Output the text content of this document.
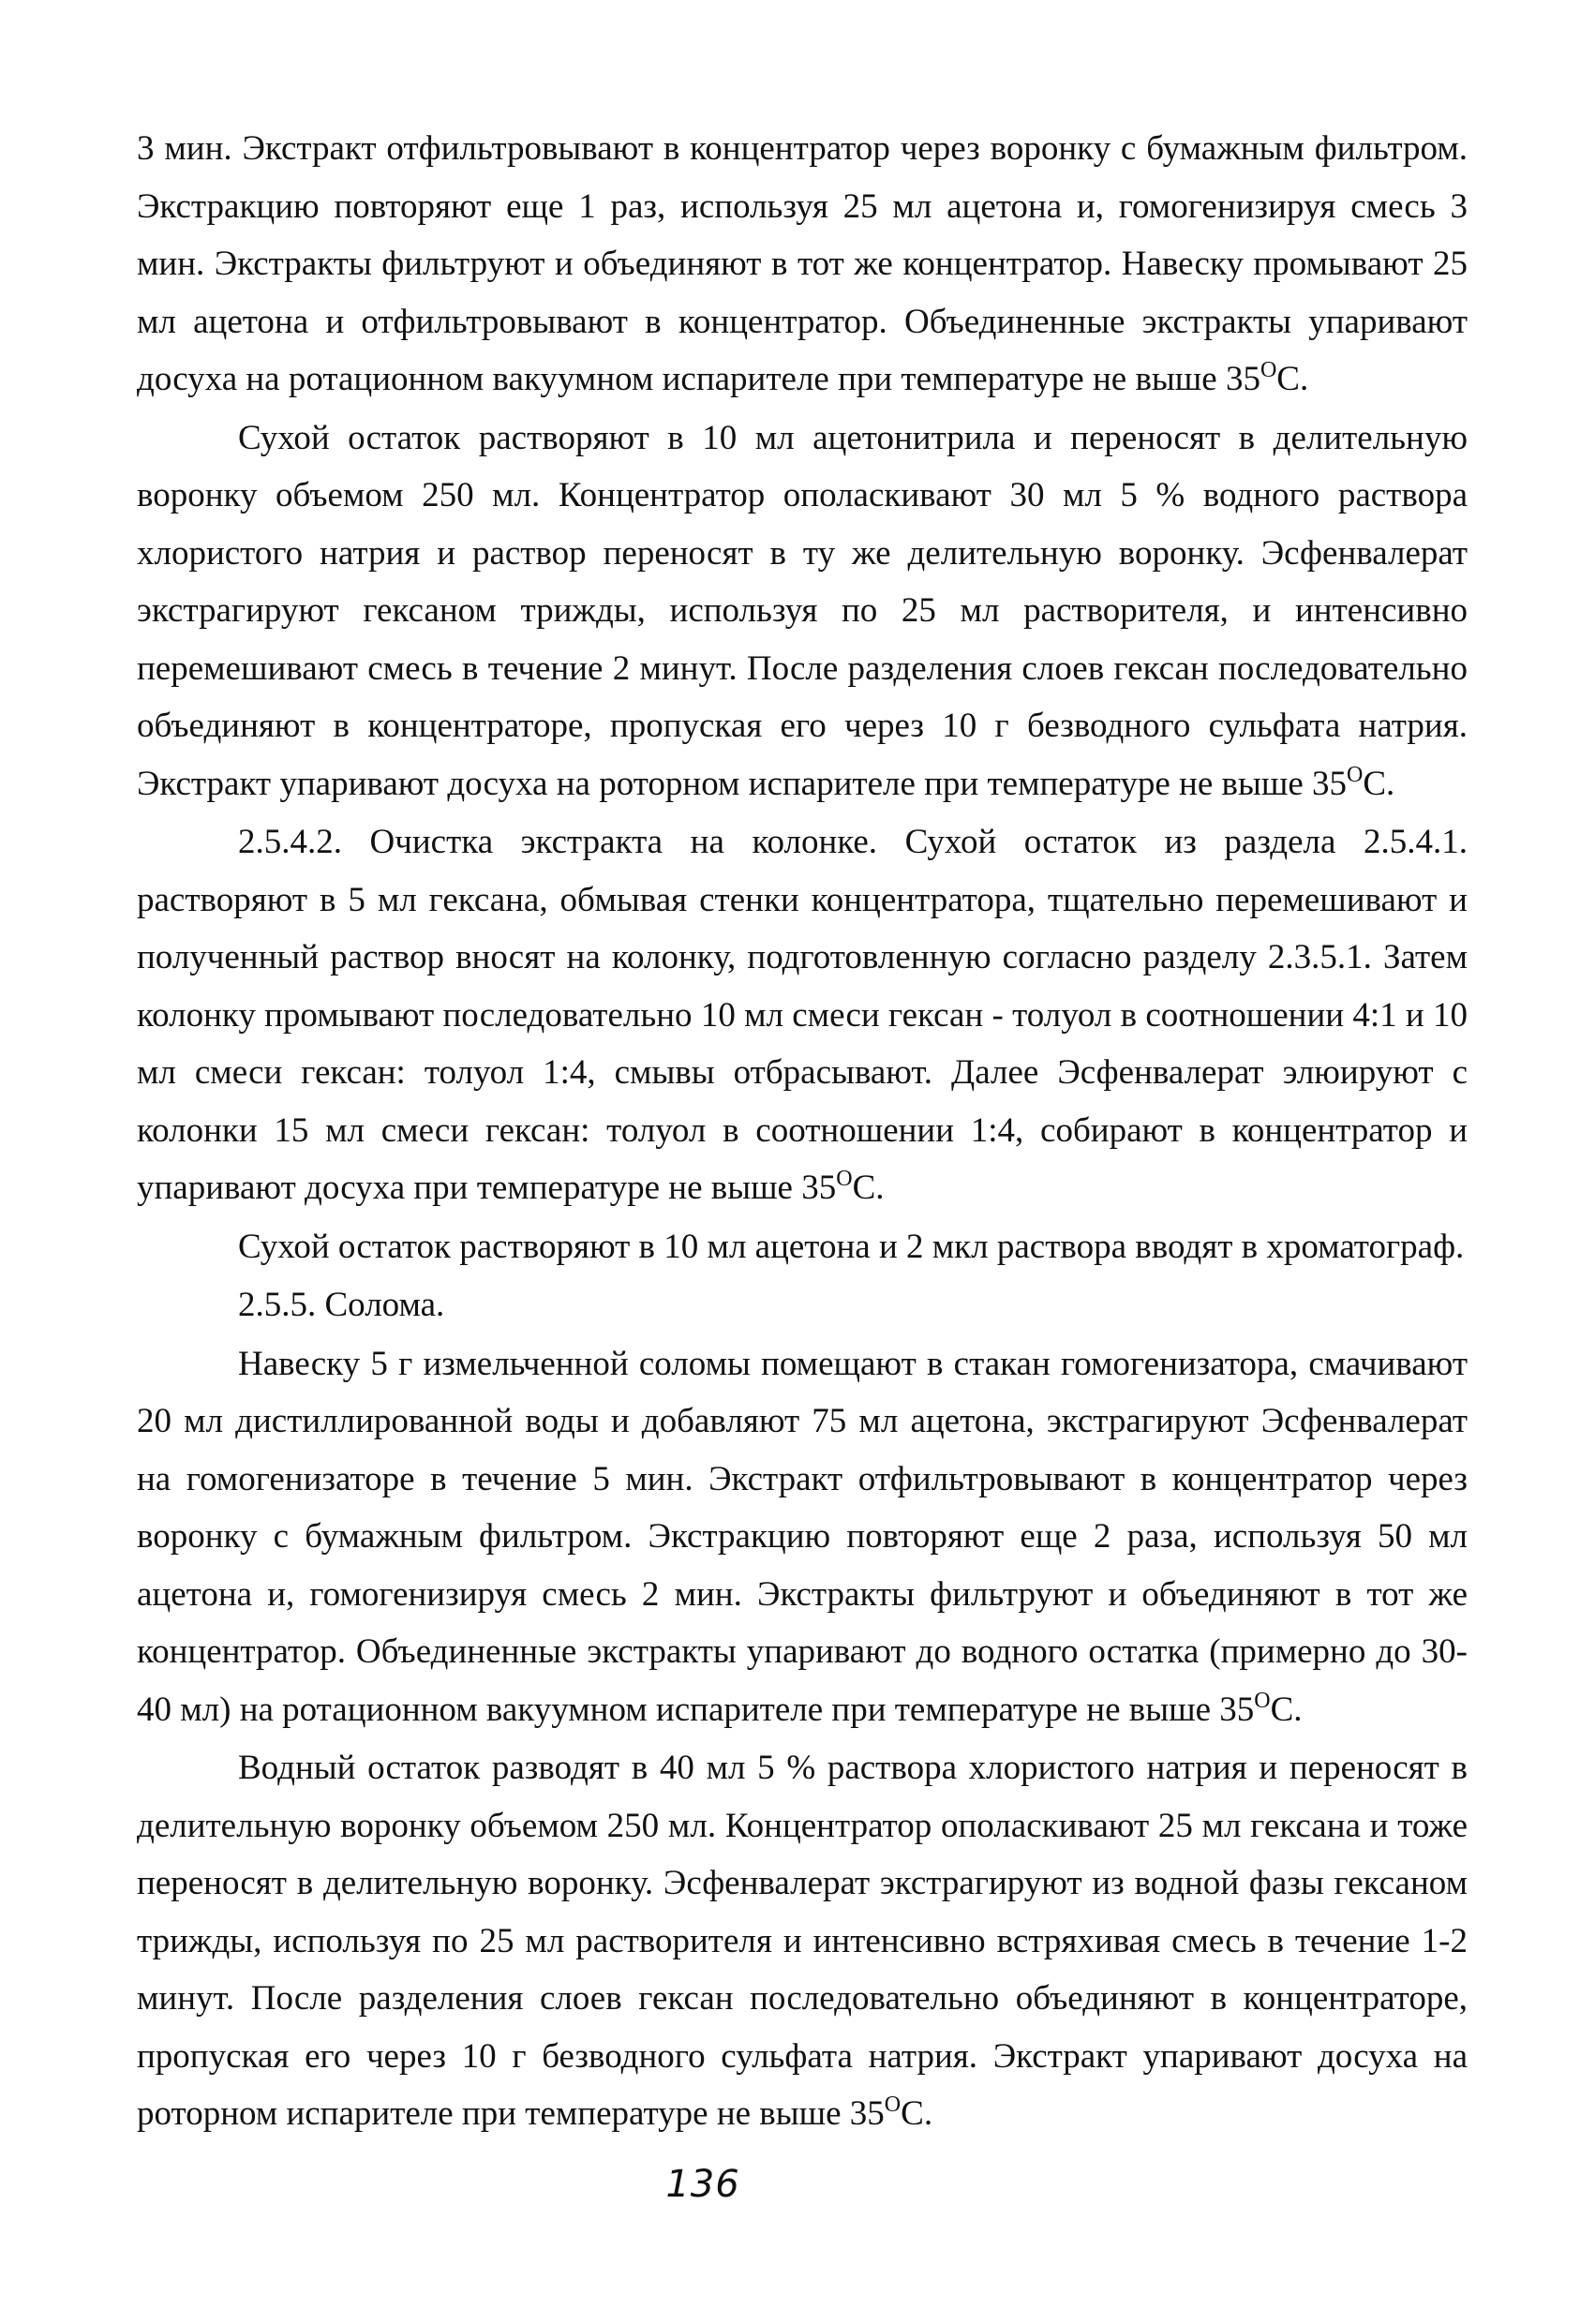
3 мин. Экстракт отфильтровывают в концентратор через воронку с бумажным фильтром. Экстракцию повторяют еще 1 раз, используя 25 мл ацетона и, гомогенизируя смесь 3 мин. Экстракты фильтруют и объединяют в тот же концентратор. Навеску промывают 25 мл ацетона и отфильтровывают в концентратор. Объединенные экстракты упаривают досуха на ротационном вакуумном испарителе при температуре не выше $35^OC$.

Сухой остаток растворяют в 10 мл ацетонитрила и переносят в делительную воронку объемом 250 мл. Концентратор ополаскивают 30 мл 5 % водного раствора хлористого натрия и раствор переносят в ту же делительную воронку. Эсфенвалерат экстрагируют гексаном трижды, используя по 25 мл растворителя, и интенсивно перемешивают смесь в течение 2 минут. После разделения слоев гексан последовательно объединяют в концентраторе, пропуская его через 10 г безводного сульфата натрия. Экстракт упаривают досуха на роторном испарителе при температуре не выше $35^OC$.

2.5.4.2. Очистка экстракта на колонке. Сухой остаток из раздела 2.5.4.1. растворяют в 5 мл гексана, обмывая стенки концентратора, тщательно перемешивают и полученный раствор вносят на колонку, подготовленную согласно разделу 2.3.5.1. Затем колонку промывают последовательно 10 мл смеси гексан - толуол в соотношении 4:1 и 10 мл смеси гексан: толуол 1:4, смывы отбрасывают. Далее Эсфенвалерат элюируют с колонки 15 мл смеси гексан: толуол в соотношении 1:4, собирают в концентратор и упаривают досуха при температуре не выше $35^OC$.

Сухой остаток растворяют в 10 мл ацетона и 2 мкл раствора вводят в хроматограф.

2.5.5. Солома.

Навеску 5 г измельченной соломы помещают в стакан гомогенизатора, смачивают 20 мл дистиллированной воды и добавляют 75 мл ацетона, экстрагируют Эсфенвалерат на гомогенизаторе в течение 5 мин. Экстракт отфильтровывают в концентратор через воронку с бумажным фильтром. Экстракцию повторяют еще 2 раза, используя 50 мл ацетона и, гомогенизируя смесь 2 мин. Экстракты фильтруют и объединяют в тот же концентратор. Объединенные экстракты упаривают до водного остатка (примерно до 30-40 мл) на ротационном вакуумном испарителе при температуре не выше $35^OC$.

Водный остаток разводят в 40 мл 5 % раствора хлористого натрия и переносят в делительную воронку объемом 250 мл. Концентратор ополаскивают 25 мл гексана и тоже переносят в делительную воронку. Эсфенвалерат экстрагируют из водной фазы гексаном трижды, используя по 25 мл растворителя и интенсивно встряхивая смесь в течение 1-2 минут. После разделения слоев гексан последовательно объединяют в концентраторе, пропуская его через 10 г безводного сульфата натрия. Экстракт упаривают досуха на роторном испарителе при температуре не выше $35^OC$.

136
